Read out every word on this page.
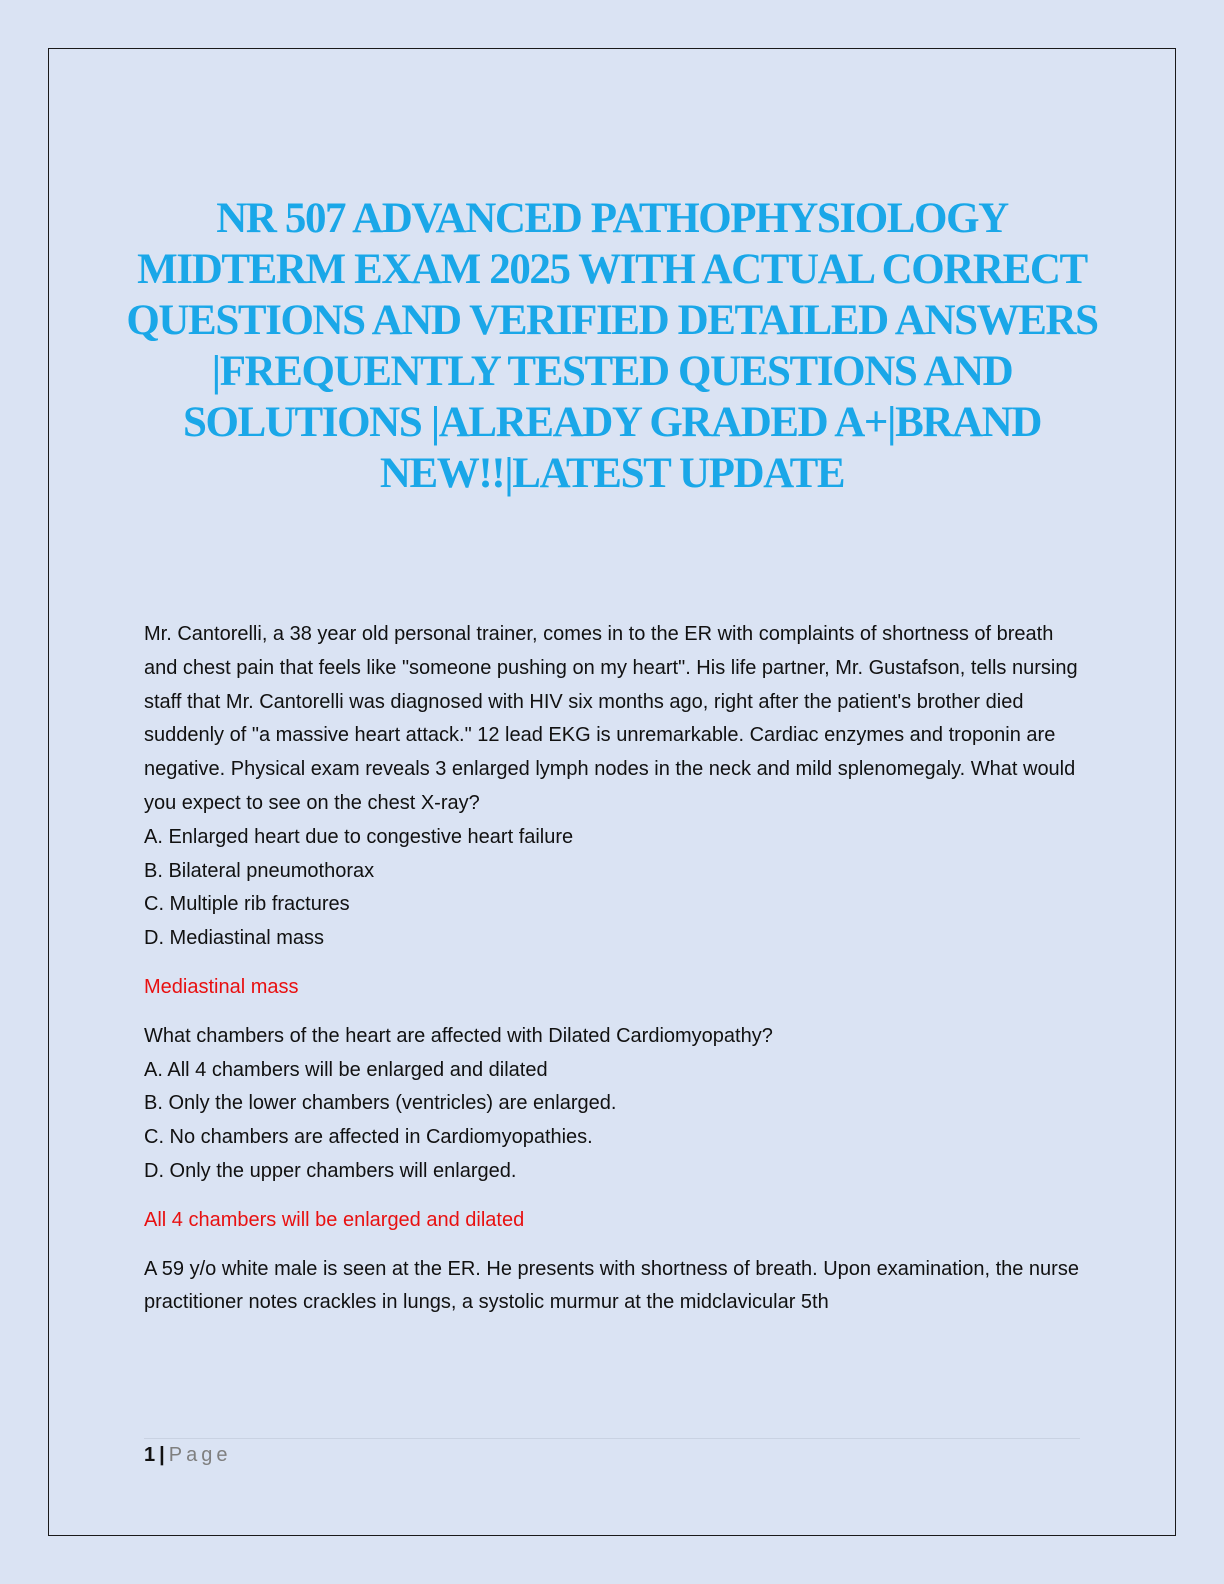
NR 507 ADVANCED PATHOPHYSIOLOGY MIDTERM EXAM 2025 WITH ACTUAL CORRECT QUESTIONS AND VERIFIED DETAILED ANSWERS |FREQUENTLY TESTED QUESTIONS AND SOLUTIONS |ALREADY GRADED A+|BRAND NEW!!|LATEST UPDATE

Mr. Cantorelli, a 38 year old personal trainer, comes in to the ER with complaints of shortness of breath and chest pain that feels like "someone pushing on my heart". His life partner, Mr. Gustafson, tells nursing staff that Mr. Cantorelli was diagnosed with HIV six months ago, right after the patient's brother died suddenly of "a massive heart attack." 12 lead EKG is unremarkable. Cardiac enzymes and troponin are negative. Physical exam reveals 3 enlarged lymph nodes in the neck and mild splenomegaly. What would you expect to see on the chest X-ray?

A. Enlarged heart due to congestive heart failure
B. Bilateral pneumothorax
C. Multiple rib fractures
D. Mediastinal mass

Mediastinal mass

What chambers of the heart are affected with Dilated Cardiomyopathy?

A. All 4 chambers will be enlarged and dilated
B. Only the lower chambers (ventricles) are enlarged.
C. No chambers are affected in Cardiomyopathies.
D. Only the upper chambers will enlarged.

All 4 chambers will be enlarged and dilated

A 59 y/o white male is seen at the ER. He presents with shortness of breath. Upon examination, the nurse practitioner notes crackles in lungs, a systolic murmur at the midclavicular 5th

1 | Page
